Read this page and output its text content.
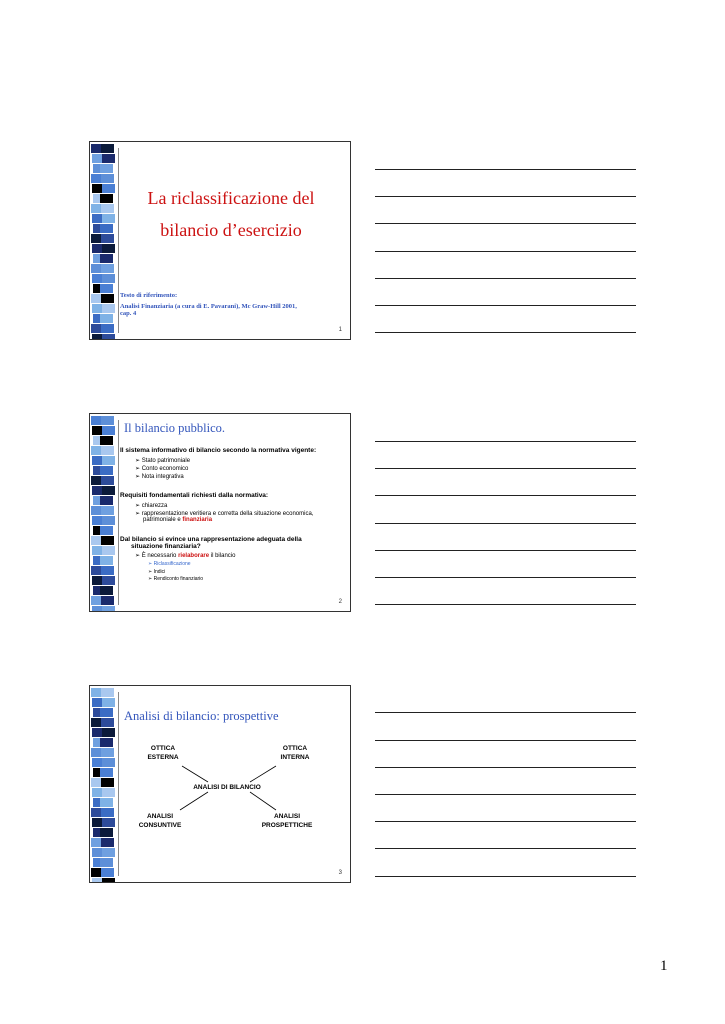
La riclassificazione del
bilancio d’esercizio
Testo di riferimento:
Analisi Finanziaria (a cura di E. Pavarani), Mc Graw-Hill 2001,
cap. 4
1
Il bilancio pubblico.
Il sistema informativo di bilancio secondo la normativa vigente:
➢ Stato patrimoniale
➢ Conto economico
➢ Nota integrativa
Requisiti fondamentali richiesti dalla normativa:
➢ chiarezza
➢ rappresentazione veritiera e corretta della situazione economica,
patrimoniale e finanziaria
Dal bilancio si evince una rappresentazione adeguata della
situazione finanziaria?
➢ È necessario rielaborare il bilancio
➢ Riclassificazione
➢ Indici
➢ Rendiconto finanziario
2
Analisi di bilancio: prospettive
OTTICA
ESTERNA
OTTICA
INTERNA
ANALISI DI BILANCIO
ANALISI
CONSUNTIVE
ANALISI
PROSPETTICHE
3
1
